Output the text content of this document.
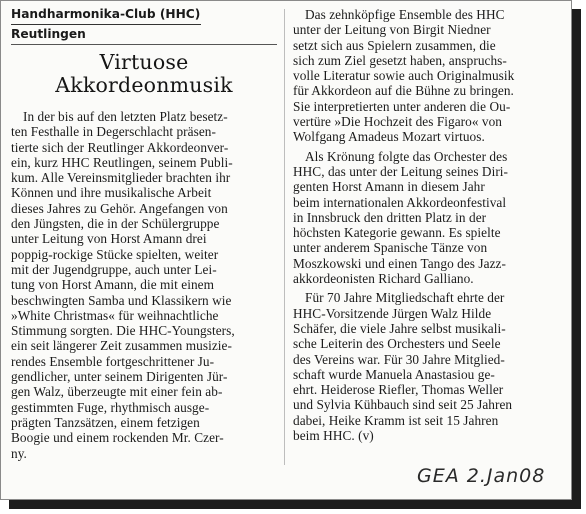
Handharmonika-Club (HHC)
Reutlingen
Virtuose
Akkordeonmusik

In der bis auf den letzten Platz besetz-
ten Festhalle in Degerschlacht präsen-
tierte sich der Reutlinger Akkordeonver-
ein, kurz HHC Reutlingen, seinem Publi-
kum. Alle Vereinsmitglieder brachten ihr
Können und ihre musikalische Arbeit
dieses Jahres zu Gehör. Angefangen von
den Jüngsten, die in der Schülergruppe
unter Leitung von Horst Amann drei
poppig-rockige Stücke spielten, weiter
mit der Jugendgruppe, auch unter Lei-
tung von Horst Amann, die mit einem
beschwingten Samba und Klassikern wie
»White Christmas« für weihnachtliche
Stimmung sorgten. Die HHC-Youngsters,
ein seit längerer Zeit zusammen musizie-
rendes Ensemble fortgeschrittener Ju-
gendlicher, unter seinem Dirigenten Jür-
gen Walz, überzeugte mit einer fein ab-
gestimmten Fuge, rhythmisch ausge-
prägten Tanzsätzen, einem fetzigen
Boogie und einem rockenden Mr. Czer-
ny.

Das zehnköpfige Ensemble des HHC
unter der Leitung von Birgit Niedner
setzt sich aus Spielern zusammen, die
sich zum Ziel gesetzt haben, anspruchs-
volle Literatur sowie auch Originalmusik
für Akkordeon auf die Bühne zu bringen.
Sie interpretierten unter anderen die Ou-
vertüre »Die Hochzeit des Figaro« von
Wolfgang Amadeus Mozart virtuos.

Als Krönung folgte das Orchester des
HHC, das unter der Leitung seines Diri-
genten Horst Amann in diesem Jahr
beim internationalen Akkordeonfestival
in Innsbruck den dritten Platz in der
höchsten Kategorie gewann. Es spielte
unter anderem Spanische Tänze von
Moszkowski und einen Tango des Jazz-
akkordeonisten Richard Galliano.

Für 70 Jahre Mitgliedschaft ehrte der
HHC-Vorsitzende Jürgen Walz Hilde
Schäfer, die viele Jahre selbst musikali-
sche Leiterin des Orchesters und Seele
des Vereins war. Für 30 Jahre Mitglied-
schaft wurde Manuela Anastasiou ge-
ehrt. Heiderose Riefler, Thomas Weller
und Sylvia Kühbauch sind seit 25 Jahren
dabei, Heike Kramm ist seit 15 Jahren
beim HHC. (v)

GEA 2.Jan08
